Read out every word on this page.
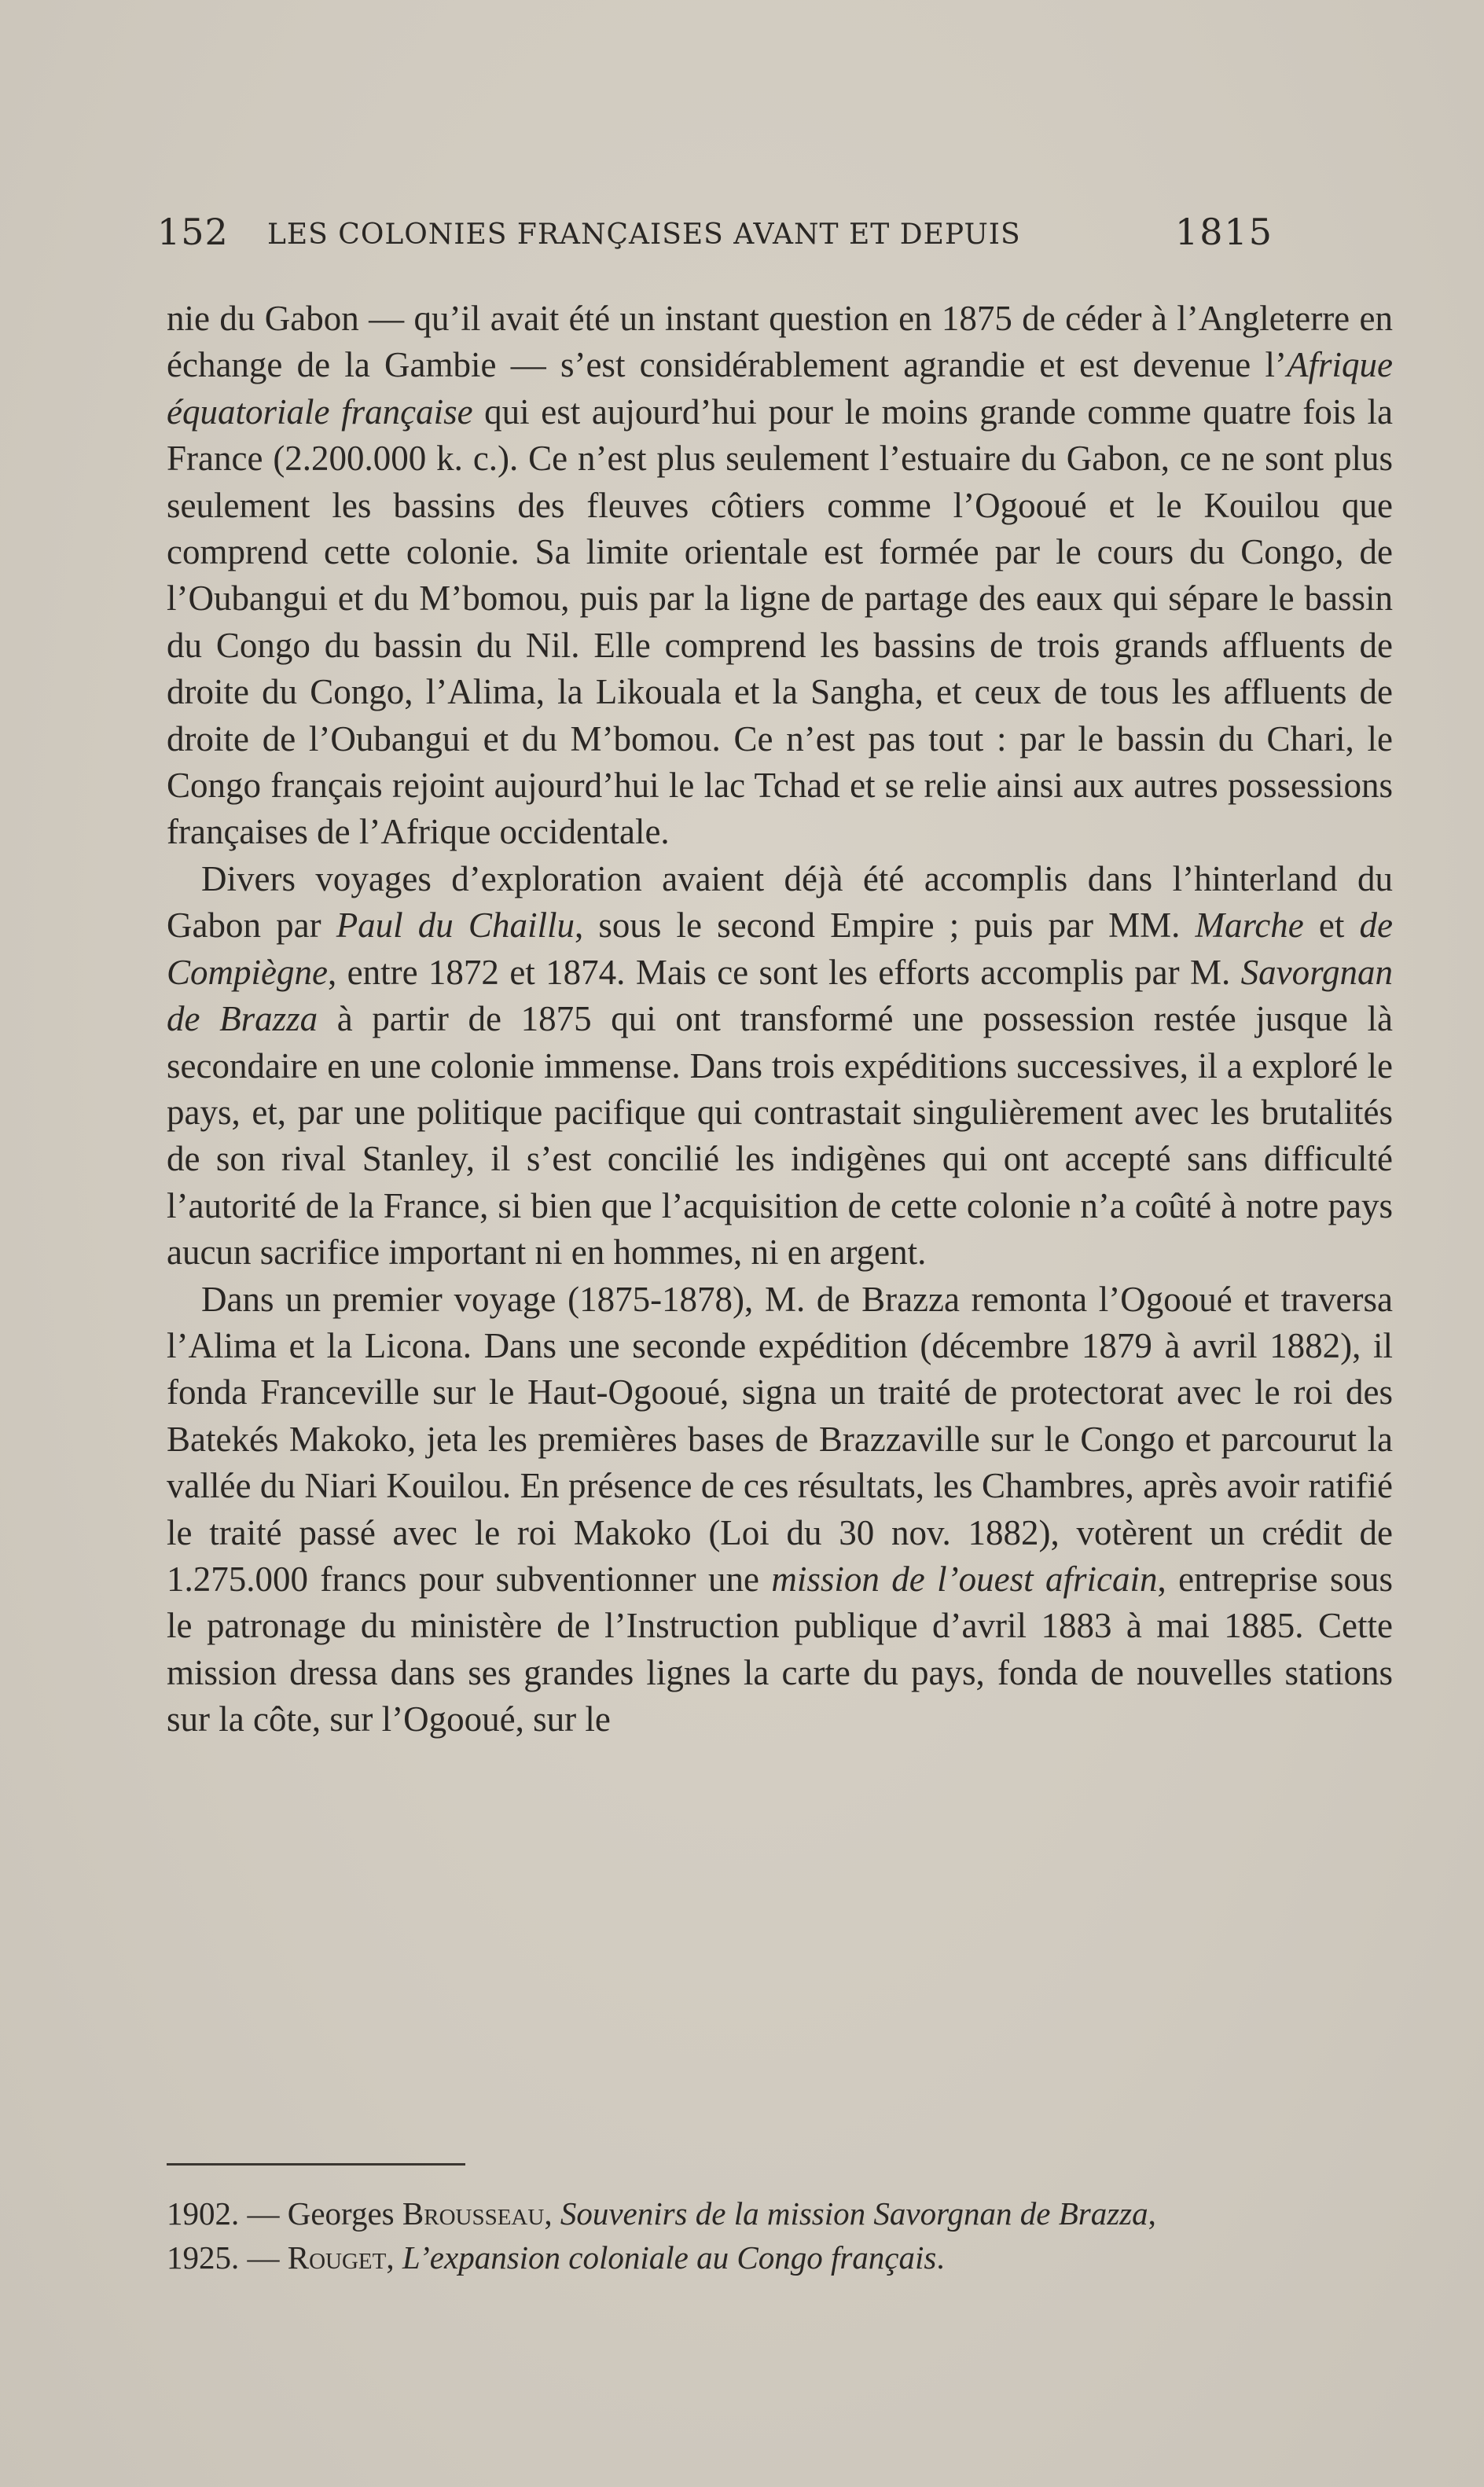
152 LES COLONIES FRANÇAISES AVANT ET DEPUIS	1815

nie du Gabon — qu’il avait été un instant question en 1875 de céder à l’Angleterre en échange de la Gambie — s’est considérablement agrandie et est devenue l’Afrique équatoriale française qui est aujourd’hui pour le moins grande comme quatre fois la France (2.200.000 k. c.). Ce n’est plus seulement l’estuaire du Gabon, ce ne sont plus seulement les bassins des fleuves côtiers comme l’Ogooué et le Kouilou que comprend cette colonie. Sa limite orientale est formée par le cours du Congo, de l’Oubangui et du M’bomou, puis par la ligne de partage des eaux qui sépare le bassin du Congo du bassin du Nil. Elle comprend les bassins de trois grands affluents de droite du Congo, l’Alima, la Likouala et la Sangha, et ceux de tous les affluents de droite de l’Oubangui et du M’bomou. Ce n’est pas tout : par le bassin du Chari, le Congo français rejoint aujourd’hui le lac Tchad et se relie ainsi aux autres possessions françaises de l’Afrique occidentale.

Divers voyages d’exploration avaient déjà été accomplis dans l’hinterland du Gabon par Paul du Chaillu, sous le second Empire ; puis par MM. Marche et de Compiègne, entre 1872 et 1874. Mais ce sont les efforts accomplis par M. Savorgnan de Brazza à partir de 1875 qui ont transformé une possession restée jusque là secondaire en une colonie immense. Dans trois expéditions successives, il a exploré le pays, et, par une politique pacifique qui contrastait singulièrement avec les brutalités de son rival Stanley, il s’est concilié les indigènes qui ont accepté sans difficulté l’autorité de la France, si bien que l’acquisition de cette colonie n’a coûté à notre pays aucun sacrifice important ni en hommes, ni en argent.

Dans un premier voyage (1875-1878), M. de Brazza remonta l’Ogooué et traversa l’Alima et la Licona. Dans une seconde expédition (décembre 1879 à avril 1882), il fonda Franceville sur le Haut-Ogooué, signa un traité de protectorat avec le roi des Batekés Makoko, jeta les premières bases de Brazzaville sur le Congo et parcourut la vallée du Niari Kouilou. En présence de ces résultats, les Chambres, après avoir ratifié le traité passé avec le roi Makoko (Loi du 30 nov. 1882), votèrent un crédit de 1.275.000 francs pour subventionner une mission de l’ouest africain, entreprise sous le patronage du ministère de l’Instruction publique d’avril 1883 à mai 1885. Cette mission dressa dans ses grandes lignes la carte du pays, fonda de nouvelles stations sur la côte, sur l’Ogooué, sur le

1902. — Georges Brousseau, Souvenirs de la mission Savorgnan de Brazza,
1925. — Rouget, L’expansion coloniale au Congo français.
